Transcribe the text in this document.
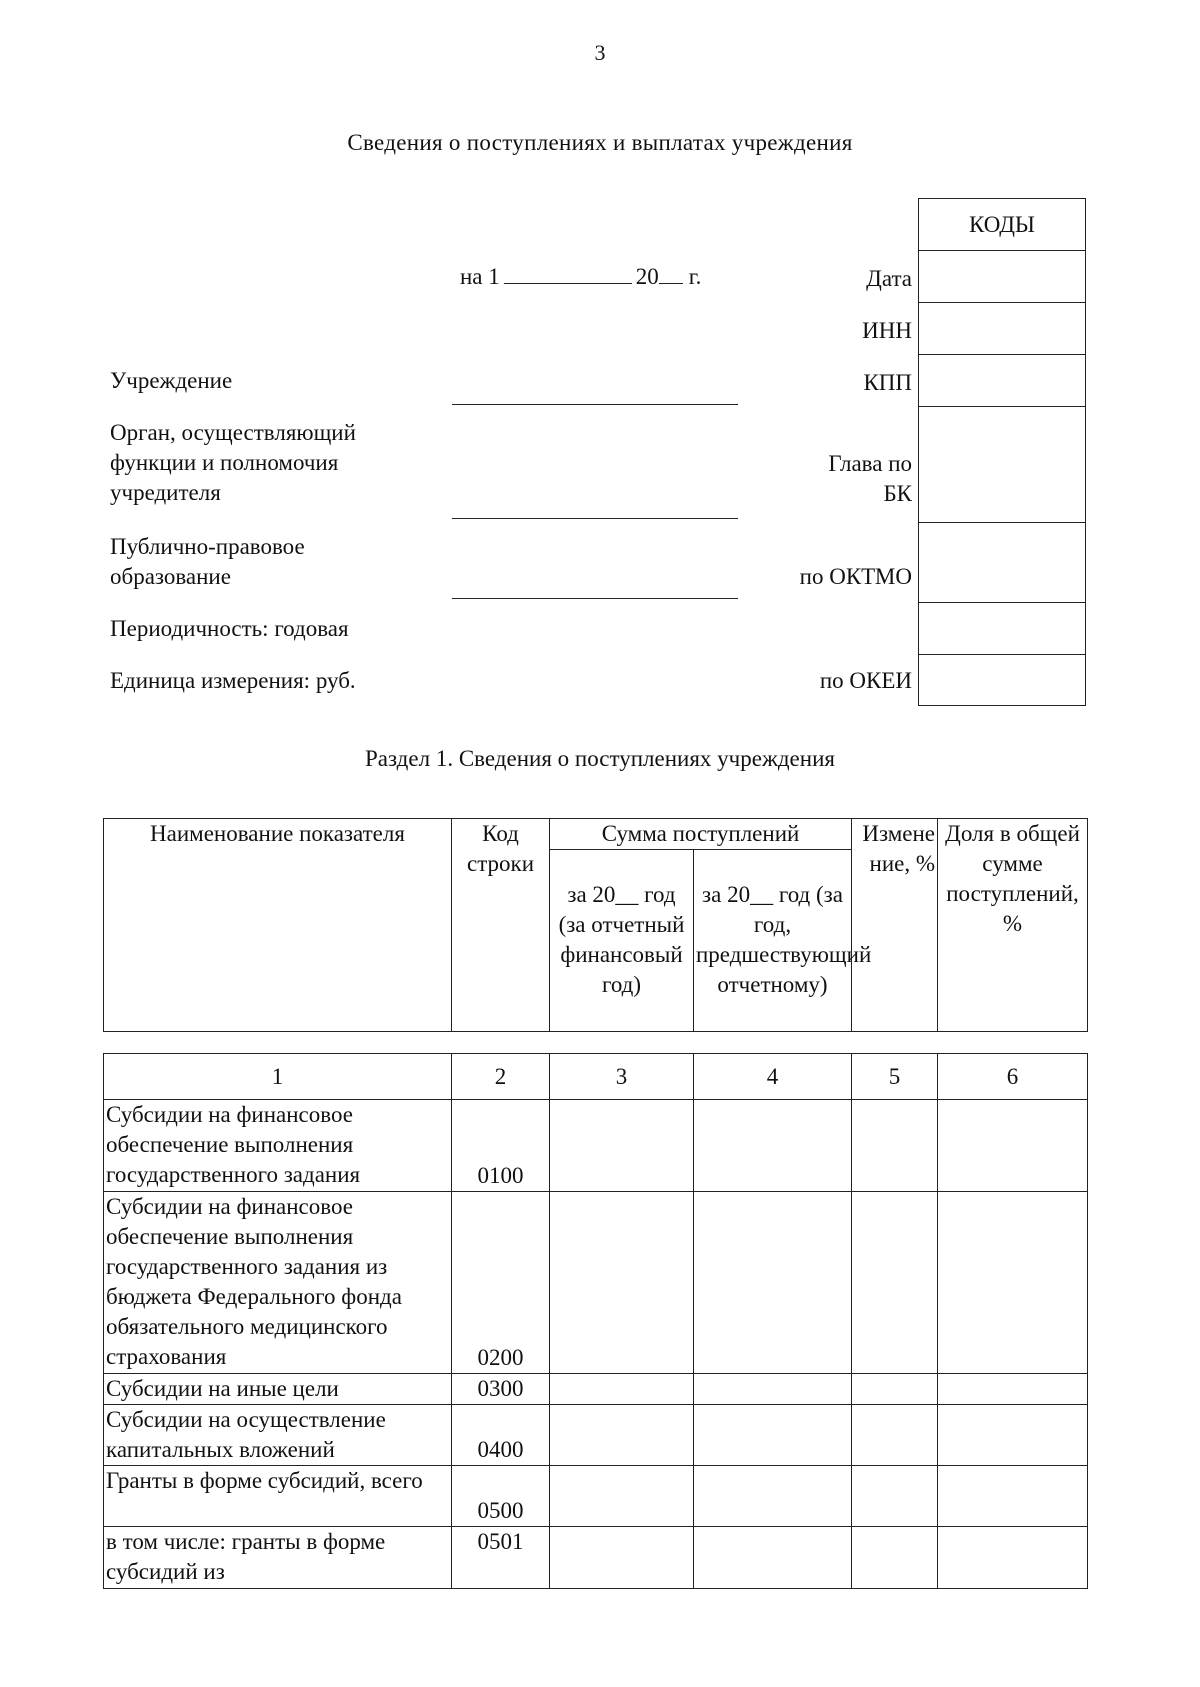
3
Сведения о поступлениях и выплатах учреждения
на 1	20 г.
КОДЫ
Дата
ИНН
КПП
Глава по БК
по ОКТМО
по ОКЕИ
Учреждение
Орган, осуществляющий функции и полномочия учредителя
Публично-правовое образование
Периодичность: годовая
Единица измерения: руб.
Раздел 1. Сведения о поступлениях учреждения
Наименование показателя	Код строки	Сумма поступлений		Изменение, %	Доля в общей сумме поступлений, %
		за 20__ год (за отчетный финансовый год)	за 20__ год (за год, предшествующий отчетному)		
1	2	3	4	5	6
Субсидии на финансовое обеспечение выполнения государственного задания	0100				
Субсидии на финансовое обеспечение выполнения государственного задания из бюджета Федерального фонда обязательного медицинского страхования	0200				
Субсидии на иные цели	0300				
Субсидии на осуществление капитальных вложений	0400				
Гранты в форме субсидий, всего	0500				
в том числе: гранты в форме субсидий из	0501				
